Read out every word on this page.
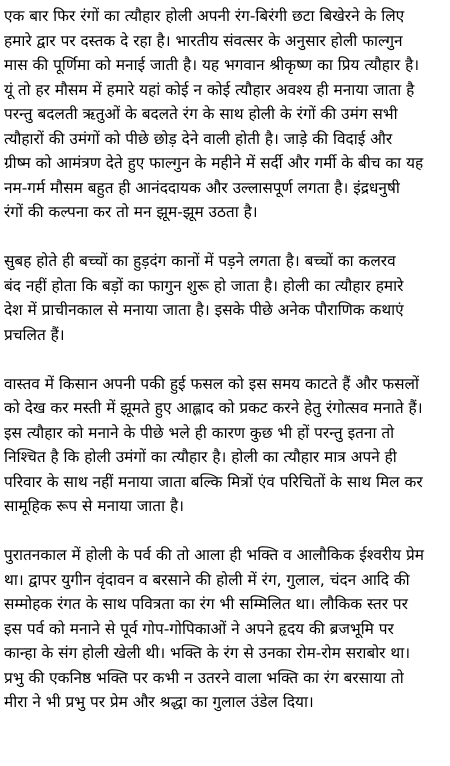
एक बार फिर रंगों का त्यौहार होली अपनी रंग-बिरंगी छटा बिखेरने के लिए
हमारे द्वार पर दस्तक दे रहा है। भारतीय संवत्सर के अनुसार होली फाल्गुन
मास की पूर्णिमा को मनाई जाती है। यह भगवान श्रीकृष्ण का प्रिय त्यौहार है।
यूं तो हर मौसम में हमारे यहां कोई न कोई त्यौहार अवश्य ही मनाया जाता है
परन्तु बदलती ऋतुओं के बदलते रंग के साथ होली के रंगों की उमंग सभी
त्यौहारों की उमंगों को पीछे छोड़ देने वाली होती है। जाड़े की विदाई और
ग्रीष्म को आमंत्रण देते हुए फाल्गुन के महीने में सर्दी और गर्मी के बीच का यह
नम-गर्म मौसम बहुत ही आनंददायक और उल्लासपूर्ण लगता है। इंद्रधनुषी
रंगों की कल्पना कर तो मन झूम-झूम उठता है।
सुबह होते ही बच्चों का हुड़दंग कानों में पड़ने लगता है। बच्चों का कलरव
बंद नहीं होता कि बड़ों का फागुन शुरू हो जाता है। होली का त्यौहार हमारे
देश में प्राचीनकाल से मनाया जाता है। इसके पीछे अनेक पौराणिक कथाएं
प्रचलित हैं।
वास्तव में किसान अपनी पकी हुई फसल को इस समय काटते हैं और फसलों
को देख कर मस्ती में झूमते हुए आह्लाद को प्रकट करने हेतु रंगोत्सव मनाते हैं।
इस त्यौहार को मनाने के पीछे भले ही कारण कुछ भी हों परन्तु इतना तो
निश्चित है कि होली उमंगों का त्यौहार है। होली का त्यौहार मात्र अपने ही
परिवार के साथ नहीं मनाया जाता बल्कि मित्रों एंव परिचितों के साथ मिल कर
सामूहिक रूप से मनाया जाता है।
पुरातनकाल में होली के पर्व की तो आला ही भक्ति व आलौकिक ईश्वरीय प्रेम
था। द्वापर युगीन वृंदावन व बरसाने की होली में रंग, गुलाल, चंदन आदि की
सम्मोहक रंगत के साथ पवित्रता का रंग भी सम्मिलित था। लौकिक स्तर पर
इस पर्व को मनाने से पूर्व गोप-गोपिकाओं ने अपने हृदय की ब्रजभूमि पर
कान्हा के संग होली खेली थी। भक्ति के रंग से उनका रोम-रोम सराबोर था।
प्रभु की एकनिष्ठ भक्ति पर कभी न उतरने वाला भक्ति का रंग बरसाया तो
मीरा ने भी प्रभु पर प्रेम और श्रद्धा का गुलाल उंडेल दिया।
